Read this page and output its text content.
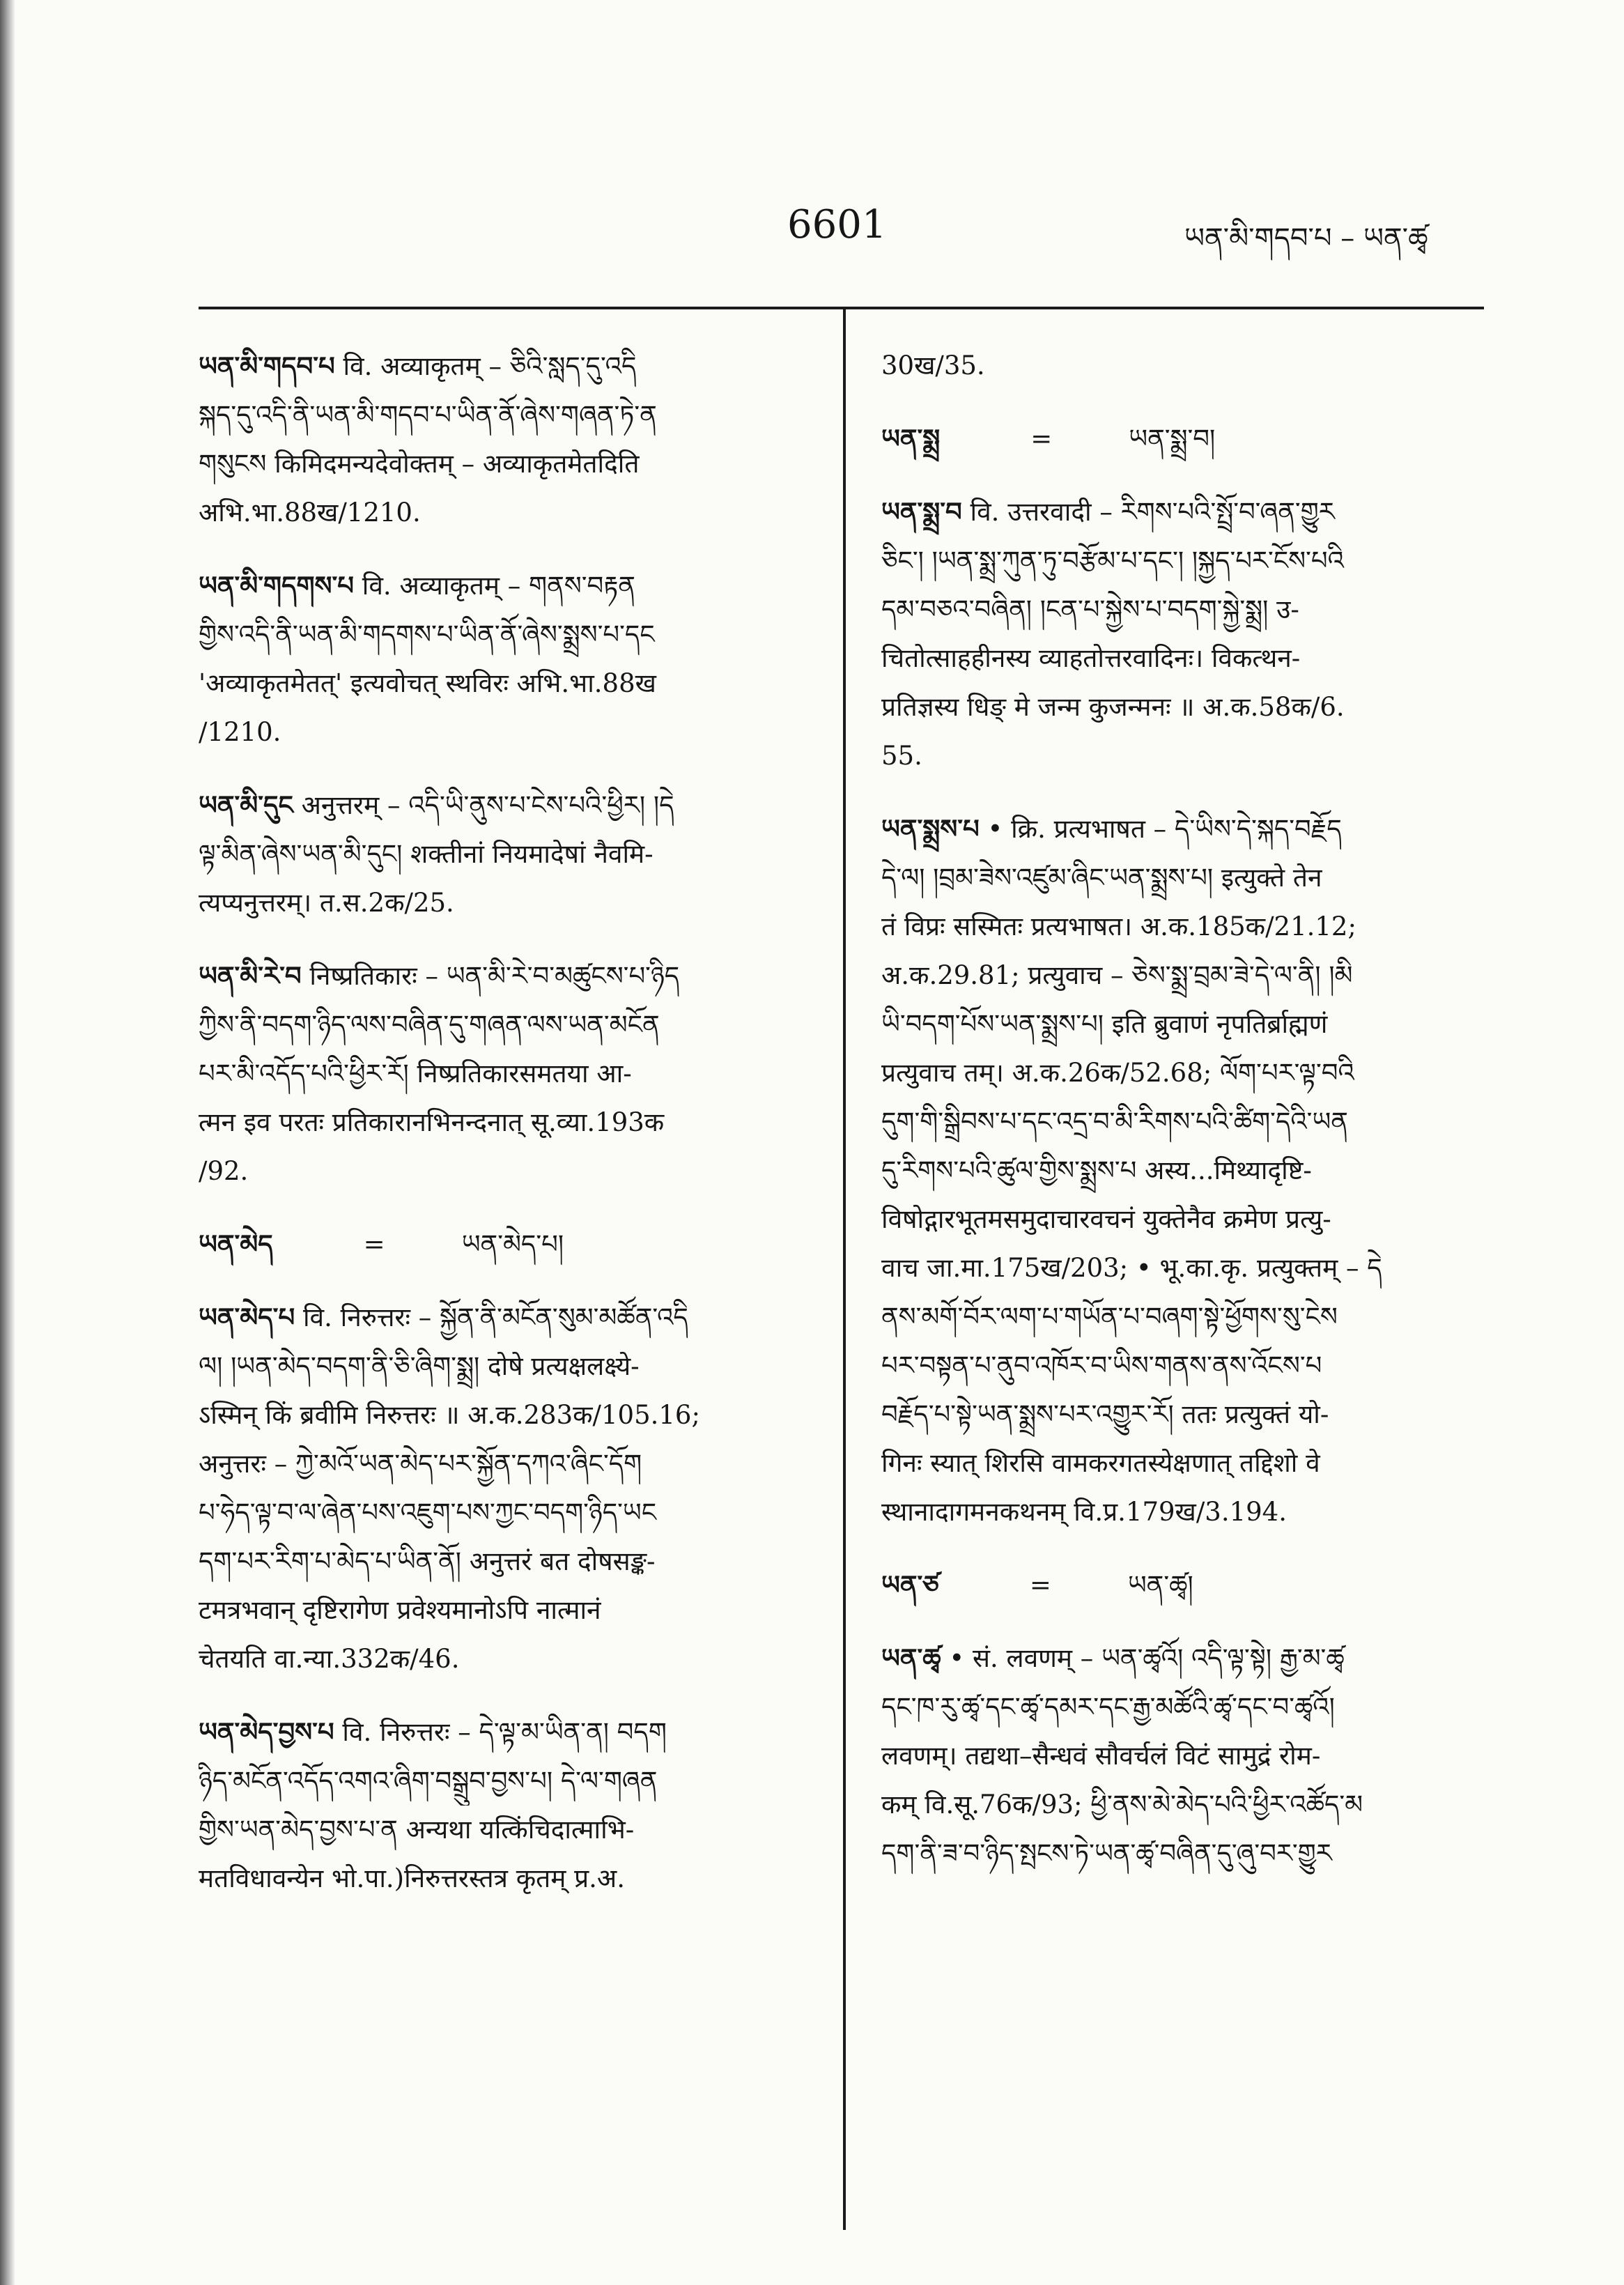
6601	ཡན་མི་གདབ་པ – ཡན་ཚྭ
ཡན་མི་གདབ་པ वि. अव्याकृतम् – ཅིའི་སླད་དུ་འདི
སྐད་དུ་འདི་ནི་ཡན་མི་གདབ་པ་ཡིན་ནོ་ཞེས་གཞན་ཏེ་ན
གསུངས किमिदमन्यदेवोक्तम् – अव्याकृतमेतदिति
अभि.भा.88ख/1210.
ཡན་མི་གདགས་པ वि. अव्याकृतम् – གནས་བརྟན
གྱིས་འདི་ནི་ཡན་མི་གདགས་པ་ཡིན་ནོ་ཞེས་སྨྲས་པ་དང
'अव्याकृतमेतत्' इत्यवोचत् स्थविरः अभि.भा.88ख
/1210.
ཡན་མི་དུང अनुत्तरम् – འདི་ཡི་ནུས་པ་ངེས་པའི་ཕྱིར། །དེ
ལྟ་མིན་ཞེས་ཡན་མི་དུང། शक्तीनां नियमादेषां नैवमि-
त्यप्यनुत्तरम्। त.स.2क/25.
ཡན་མི་རེ་བ निष्प्रतिकारः – ཡན་མི་རེ་བ་མཚུངས་པ་ཉིད
ཀྱིས་ནི་བདག་ཉིད་ལས་བཞིན་དུ་གཞན་ལས་ཡན་མངོན
པར་མི་འདོད་པའི་ཕྱིར་རོ། निष्प्रतिकारसमतया आ-
त्मन इव परतः प्रतिकारानभिनन्दनात् सू.व्या.193क
/92.
ཡན་མེད	=	ཡན་མེད་པ།
ཡན་མེད་པ वि. निरुत्तरः – སྐྱོན་ནི་མངོན་སུམ་མཚོན་འདི
ལ། །ཡན་མེད་བདག་ནི་ཅི་ཞིག་སྨྲ། दोषे प्रत्यक्षलक्ष्ये-
ऽस्मिन् किं ब्रवीमि निरुत्तरः ॥ अ.क.283क/105.16;
अनुत्तरः – ཀྱེ་མའོ་ཡན་མེད་པར་སྐྱོན་དཀའ་ཞིང་དོག
པ་ཧེད་ལྟ་བ་ལ་ཞེན་པས་འཇུག་པས་ཀྱང་བདག་ཉིད་ཡང
དག་པར་རིག་པ་མེད་པ་ཡིན་ནོ། अनुत्तरं बत दोषसङ्क-
टमत्रभवान् दृष्टिरागेण प्रवेश्यमानोऽपि नात्मानं
चेतयति वा.न्या.332क/46.
ཡན་མེད་བྱས་པ वि. निरुत्तरः – དེ་ལྟ་མ་ཡིན་ན། བདག
ཉིད་མངོན་འདོད་འགའ་ཞིག་བསྒྲུབ་བྱས་པ། དེ་ལ་གཞན
གྱིས་ཡན་མེད་བྱས་པ་ན अन्यथा यत्किंचिदात्माभि-
मतविधावन्येन भो.पा.)निरुत्तरस्तत्र कृतम् प्र.अ.
30ख/35.
ཡན་སྨྲ	=	ཡན་སྨྲ་བ།
ཡན་སྨྲ་བ वि. उत्तरवादी – རིགས་པའི་སྤྲོ་བ་ཞན་གྱུར
ཅིང་། །ཡན་སྨྲ་ཀུན་ཏུ་བརྩོམ་པ་དང་། །སྐྱད་པར་ངོས་པའི
དམ་བཅའ་བཞིན། །ངན་པ་སྐྱེས་པ་བདག་སྐྱེ་སྨྲ། उ-
चितोत्साहहीनस्य व्याहतोत्तरवादिनः। विकत्थन-
प्रतिज्ञस्य धिङ् मे जन्म कुजन्मनः ॥ अ.क.58क/6.
55.
ཡན་སྨྲས་པ • क्रि. प्रत्यभाषत – དེ་ཡིས་དེ་སྐད་བརྗོད
དེ་ལ། །བྲམ་ཟེས་འཛུམ་ཞིང་ཡན་སྨྲས་པ། इत्युक्ते तेन
तं विप्रः सस्मितः प्रत्यभाषत। अ.क.185क/21.12;
अ.क.29.81; प्रत्युवाच – ཅེས་སྨྲ་བྲམ་ཟེ་དེ་ལ་ནི། །མི
ཡི་བདག་པོས་ཡན་སྨྲས་པ། इति ब्रुवाणं नृपतिर्ब्राह्मणं
प्रत्युवाच तम्। अ.क.26क/52.68; ལོག་པར་ལྟ་བའི
དུག་གི་སྒྲིབས་པ་དང་འདྲ་བ་མི་རིགས་པའི་ཚིག་དེའི་ཡན
དུ་རིགས་པའི་ཚུལ་གྱིས་སྨྲས་པ अस्य...मिथ्यादृष्टि-
विषोद्गारभूतमसमुदाचारवचनं युक्तेनैव क्रमेण प्रत्यु-
वाच जा.मा.175ख/203; • भू.का.कृ. प्रत्युक्तम् – དེ
ནས་མགོ་བོར་ལག་པ་གཡོན་པ་བཞག་སྟེ་ཕྱོགས་སུ་ངེས
པར་བསྟན་པ་ནུབ་འཁོར་བ་ཡིས་གནས་ནས་འོངས་པ
བརྗོད་པ་སྟེ་ཡན་སྨྲས་པར་འགྱུར་རོ། ततः प्रत्युक्तं यो-
गिनः स्यात् शिरसि वामकरगतस्येक्षणात् तद्दिशो वे
स्थानादागमनकथनम् वि.प्र.179ख/3.194.
ཡན་ཙ	=	ཡན་ཚྭ།
ཡན་ཚྭ • सं. लवणम् – ཡན་ཚྭའོ། འདི་ལྟ་སྟེ། རྒྱ་མ་ཚྭ
དང་ཁ་རུ་ཚྭ་དང་ཚྭ་དམར་དང་རྒྱ་མཚོའི་ཚྭ་དང་བ་ཚྭའོ།
लवणम्। तद्यथा–सैन्धवं सौवर्चलं विटं सामुद्रं रोम-
कम् वि.सू.76क/93; ཕྱི་ནས་མེ་མེད་པའི་ཕྱིར་འཚོད་མ
དག་ནི་ཟ་བ་ཉིད་སྤངས་ཏེ་ཡན་ཚྭ་བཞིན་དུ་ཞུ་བར་གྱུར
